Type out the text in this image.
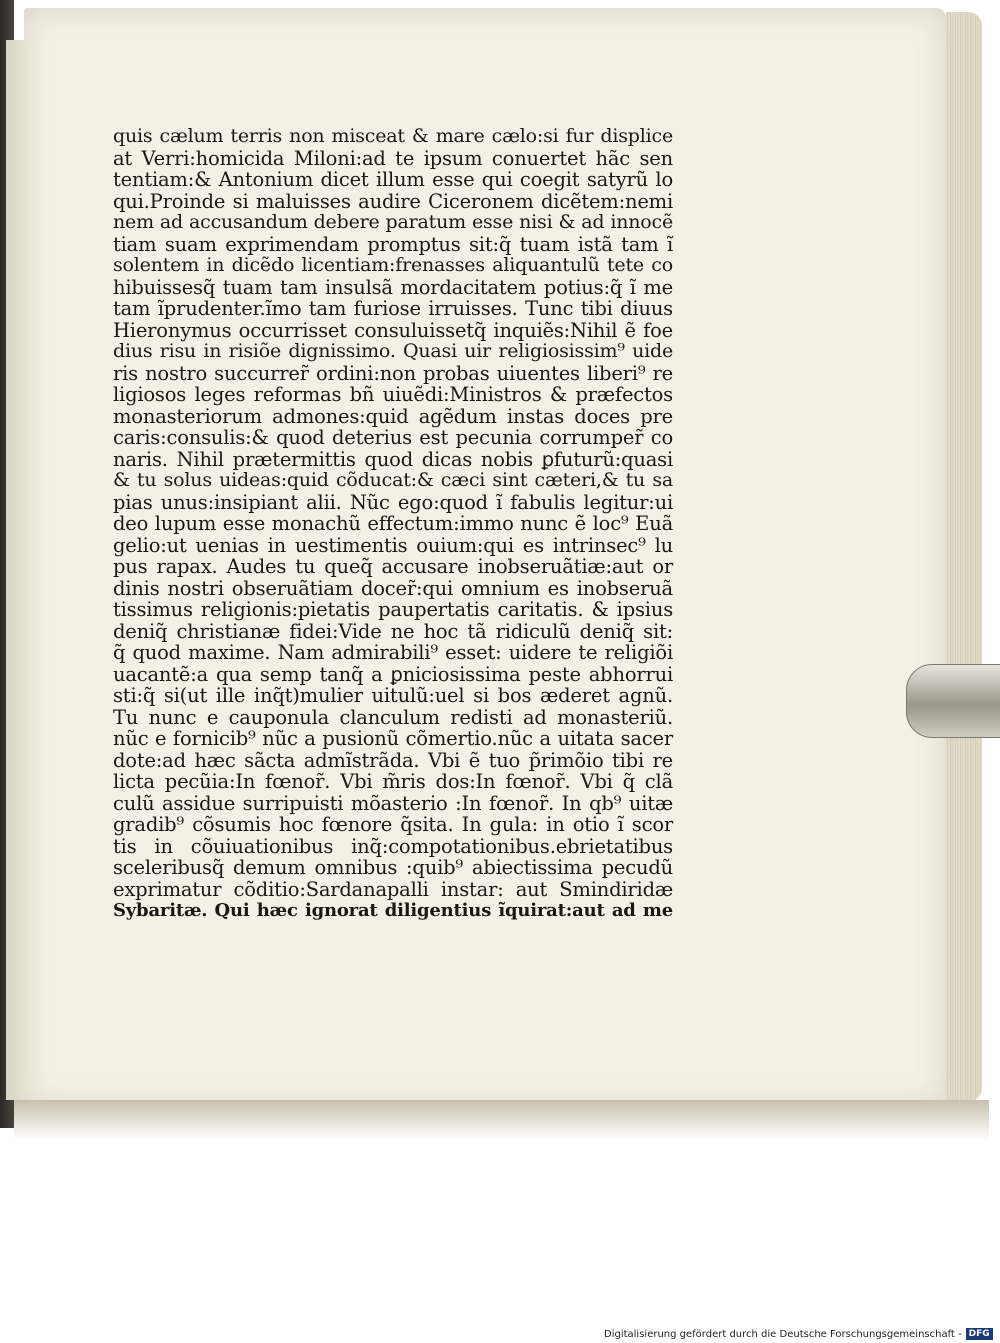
quis cælum terris non misceat & mare cælo:si fur displice
at Verri:homicida Miloni:ad te ipsum conuertet hãc sen
tentiam:& Antonium dicet illum esse qui coegit satyrũ lo
qui.Proinde si maluisses audire Ciceronem dicẽtem:nemi
nem ad accusandum debere paratum esse nisi & ad innocẽ
tiam suam exprimendam promptus sit:q̃ tuam istã tam ĩ
solentem in dicẽdo licentiam:frenasses aliquantulũ tete co
hibuissesq̃ tuam tam insulsã mordacitatem potius:q̃ ĩ me
tam ĩprudenter.ĩmo tam furiose irruisses. Tunc tibi diuus
Hieronymus occurrisset consuluissetq̃ inquiẽs:Nihil ẽ foe
dius risu in risiõe dignissimo. Quasi uir religiosissim⁹ uide
ris nostro succurrer̃ ordini:non probas uiuentes liberi⁹ re
ligiosos leges reformas bñ uiuẽdi:Ministros & præfectos
monasteriorum admones:quid agẽdum instas doces pre
caris:consulis:& quod deterius est pecunia corrumper̃ co
naris. Nihil prætermittis quod dicas nobis ꝑfuturũ:quasi
& tu solus uideas:quid cõducat:& cæci sint cæteri,& tu sa
pias unus:insipiant alii. Nũc ego:quod ĩ fabulis legitur:ui
deo lupum esse monachũ effectum:immo nunc ẽ loc⁹ Euã
gelio:ut uenias in uestimentis ouium:qui es intrinsec⁹ lu
pus rapax. Audes tu queq̃ accusare inobseruãtiæ:aut or
dinis nostri obseruãtiam docer̃:qui omnium es inobseruã
tissimus religionis:pietatis paupertatis caritatis. & ipsius
deniq̃ christianæ fidei:Vide ne hoc tã ridiculũ deniq̃ sit:
q̃ quod maxime. Nam admirabili⁹ esset: uidere te religiõi
uacantẽ:a qua semp tanq̃ a ꝑniciosissima peste abhorrui
sti:q̃ si(ut ille inq̃t)mulier uitulũ:uel si bos æderet agnũ.
Tu nunc e cauponula clanculum redisti ad monasteriũ.
nũc e fornicib⁹ nũc a pusionũ cõmertio.nũc a uitata sacer
dote:ad hæc sãcta admĩstrãda. Vbi ẽ tuo p̃rimõio tibi re
licta pecũia:In fœnor̃. Vbi m̃ris dos:In fœnor̃. Vbi q̃ clã
culũ assidue surripuisti mõasterio :In fœnor̃. In qb⁹ uitæ
gradib⁹ cõsumis hoc fœnore q̃sita. In gula: in otio ĩ scor
tis in cõuiuationibus inq̃:compotationibus.ebrietatibus
sceleribusq̃ demum omnibus :quib⁹ abiectissima pecudũ
exprimatur cõditio:Sardanapalli instar: aut Smindiridæ
Sybaritæ. Qui hæc ignorat diligentius ĩquirat:aut ad me
Digitalisierung gefördert durch die Deutsche Forschungsgemeinschaft - DFG
